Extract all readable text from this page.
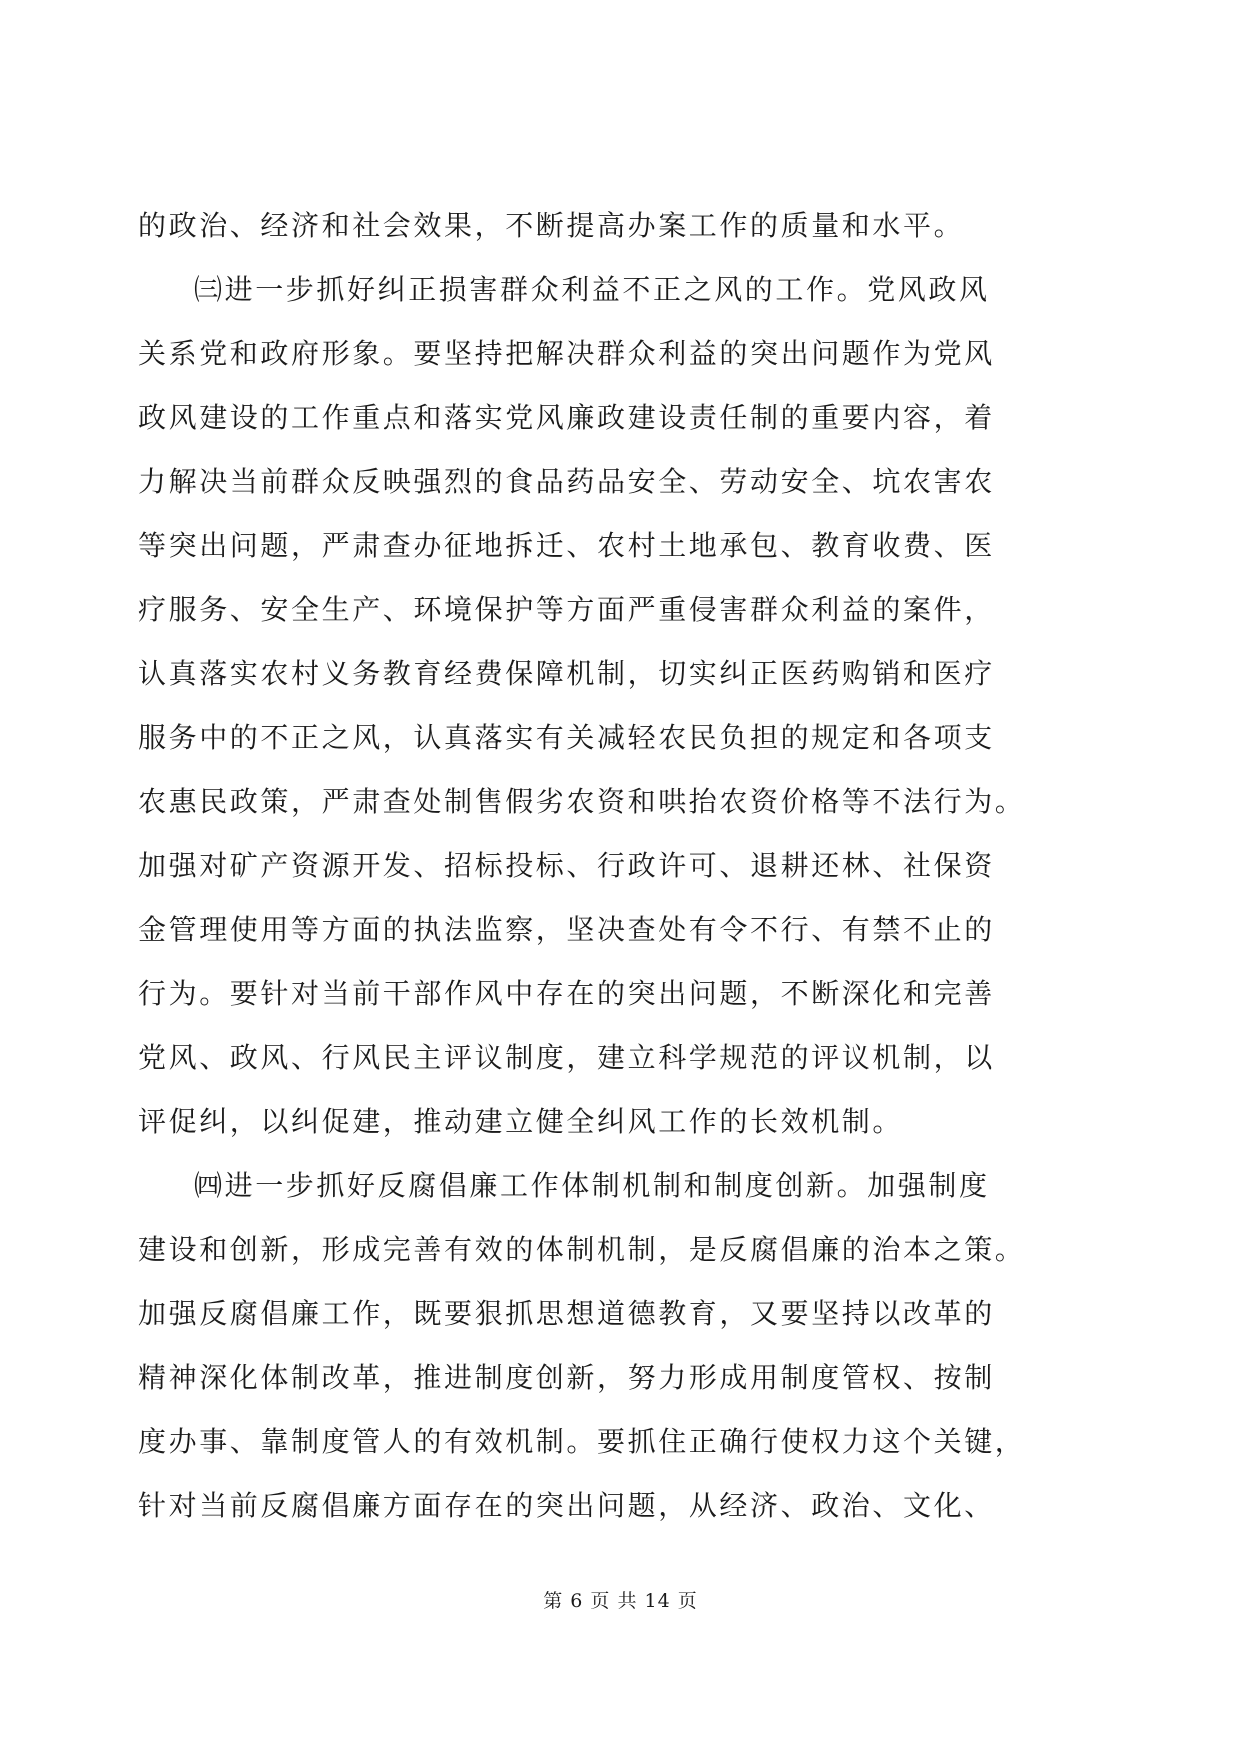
的政治、经济和社会效果，不断提高办案工作的质量和水平。
㈢进一步抓好纠正损害群众利益不正之风的工作。党风政风
关系党和政府形象。要坚持把解决群众利益的突出问题作为党风
政风建设的工作重点和落实党风廉政建设责任制的重要内容，着
力解决当前群众反映强烈的食品药品安全、劳动安全、坑农害农
等突出问题，严肃查办征地拆迁、农村土地承包、教育收费、医
疗服务、安全生产、环境保护等方面严重侵害群众利益的案件，
认真落实农村义务教育经费保障机制，切实纠正医药购销和医疗
服务中的不正之风，认真落实有关减轻农民负担的规定和各项支
农惠民政策，严肃查处制售假劣农资和哄抬农资价格等不法行为。
加强对矿产资源开发、招标投标、行政许可、退耕还林、社保资
金管理使用等方面的执法监察，坚决查处有令不行、有禁不止的
行为。要针对当前干部作风中存在的突出问题，不断深化和完善
党风、政风、行风民主评议制度，建立科学规范的评议机制，以
评促纠，以纠促建，推动建立健全纠风工作的长效机制。
㈣进一步抓好反腐倡廉工作体制机制和制度创新。加强制度
建设和创新，形成完善有效的体制机制，是反腐倡廉的治本之策。
加强反腐倡廉工作，既要狠抓思想道德教育，又要坚持以改革的
精神深化体制改革，推进制度创新，努力形成用制度管权、按制
度办事、靠制度管人的有效机制。要抓住正确行使权力这个关键，
针对当前反腐倡廉方面存在的突出问题，从经济、政治、文化、
第 6 页 共 14 页
